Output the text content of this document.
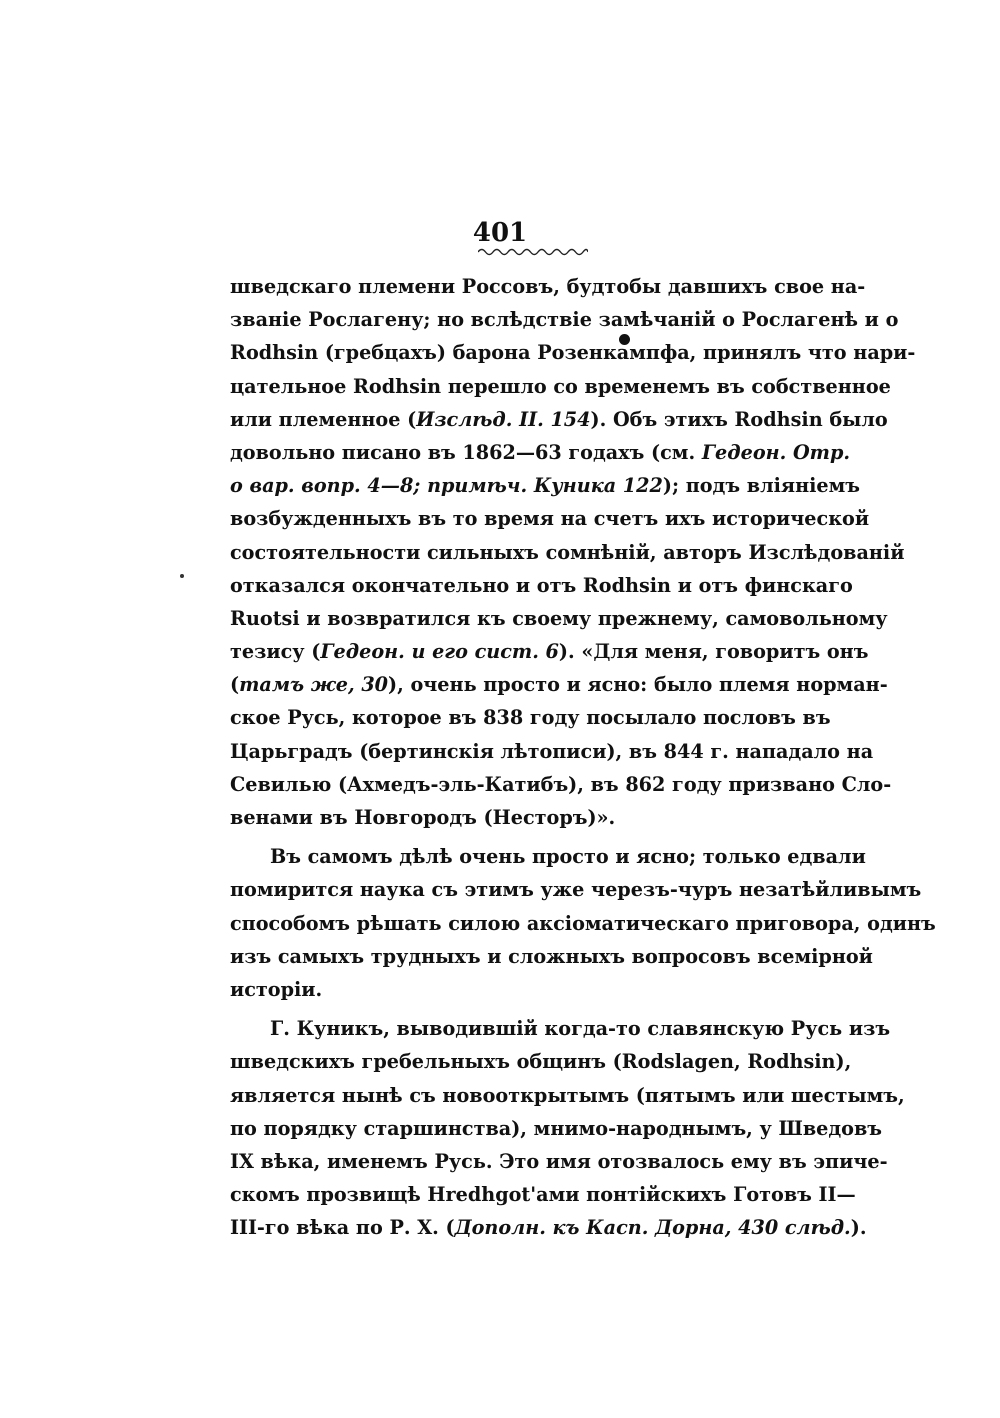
401
шведскаго племени Россовъ, будтобы давшихъ свое на-
званіе Рослагену; но вслѣдствіе замѣчаній о Рослагенѣ и о
Rodhsin (гребцахъ) барона Розенкампфа, принялъ что нари-
цательное Rodhsin перешло со временемъ въ собственное
или племенное (Изслѣд. II. 154). Объ этихъ Rodhsin было
довольно писано въ 1862—63 годахъ (см. Гедеон. Отр.
о вар. вопр. 4—8; примѣч. Куника 122); подъ вліяніемъ
возбужденныхъ въ то время на счетъ ихъ исторической
состоятельности сильныхъ сомнѣній, авторъ Изслѣдованій
отказался окончательно и отъ Rodhsin и отъ финскаго
Ruotsi и возвратился къ своему прежнему, самовольному
тезису (Гедеон. и его сист. 6). «Для меня, говоритъ онъ
(тамъ же, 30), очень просто и ясно: было племя норман-
ское Русь, которое въ 838 году посылало пословъ въ
Царьградъ (бертинскія лѣтописи), въ 844 г. нападало на
Севилью (Ахмедъ-эль-Катибъ), въ 862 году призвано Сло-
венами въ Новгородъ (Несторъ)».
Въ самомъ дѣлѣ очень просто и ясно; только едвали
помирится наука съ этимъ уже черезъ-чуръ незатѣйливымъ
способомъ рѣшать силою аксіоматическаго приговора, одинъ
изъ самыхъ трудныхъ и сложныхъ вопросовъ всемірной
исторіи.
Г. Куникъ, выводившій когда-то славянскую Русь изъ
шведскихъ гребельныхъ общинъ (Rodslagen, Rodhsin),
является нынѣ съ новооткрытымъ (пятымъ или шестымъ,
по порядку старшинства), мнимо-народнымъ, у Шведовъ
IX вѣка, именемъ Русь. Это имя отозвалось ему въ эпиче-
скомъ прозвищѣ Hredhgot'ами понтійскихъ Готовъ II—
III-го вѣка по Р. Х. (Дополн. къ Касп. Дорна, 430 слѣд.).
